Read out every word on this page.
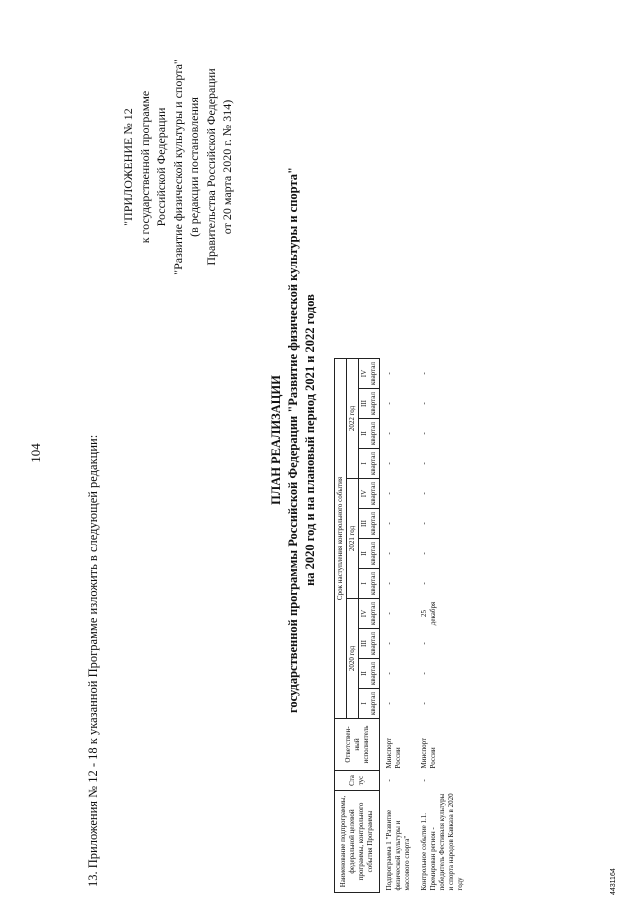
104	13. Приложения № 12 - 18 к указанной Программе изложить в следующей редакции:
"ПРИЛОЖЕНИЕ № 12 к государственной программе Российской Федерации "Развитие физической культуры и спорта" (в редакции постановления Правительства Российской Федерации от 20 марта 2020 г. № 314)
ПЛАН РЕАЛИЗАЦИИ государственной программы Российской Федерации "Развитие физической культуры и спорта" на 2020 год и на плановый период 2021 и 2022 годов
Наименование подпрограммы, федеральной целевой программы, контрольного события Программы	Ста тус	Ответствен- ный исполнитель	Срок наступления контрольного события											
			2020 год				2021 год				2022 год			
			I квартал	II квартал	III квартал	IV квартал	I квартал	II квартал	III квартал	IV квартал	I квартал	II квартал	III квартал	IV квартал
Подпрограмма 1 "Развитие физической культуры и массового спорта"	-	Минспорт России	-	-	-	-	-	-	-	-	-	-	-	-
Контрольное событие 1.1. Премирован регион - победитель Фестиваля культуры и спорта народов Кавказа в 2020 году	-	Минспорт России	-	-	-	25 декабря	-	-	-	-	-	-	-	-
4431164
